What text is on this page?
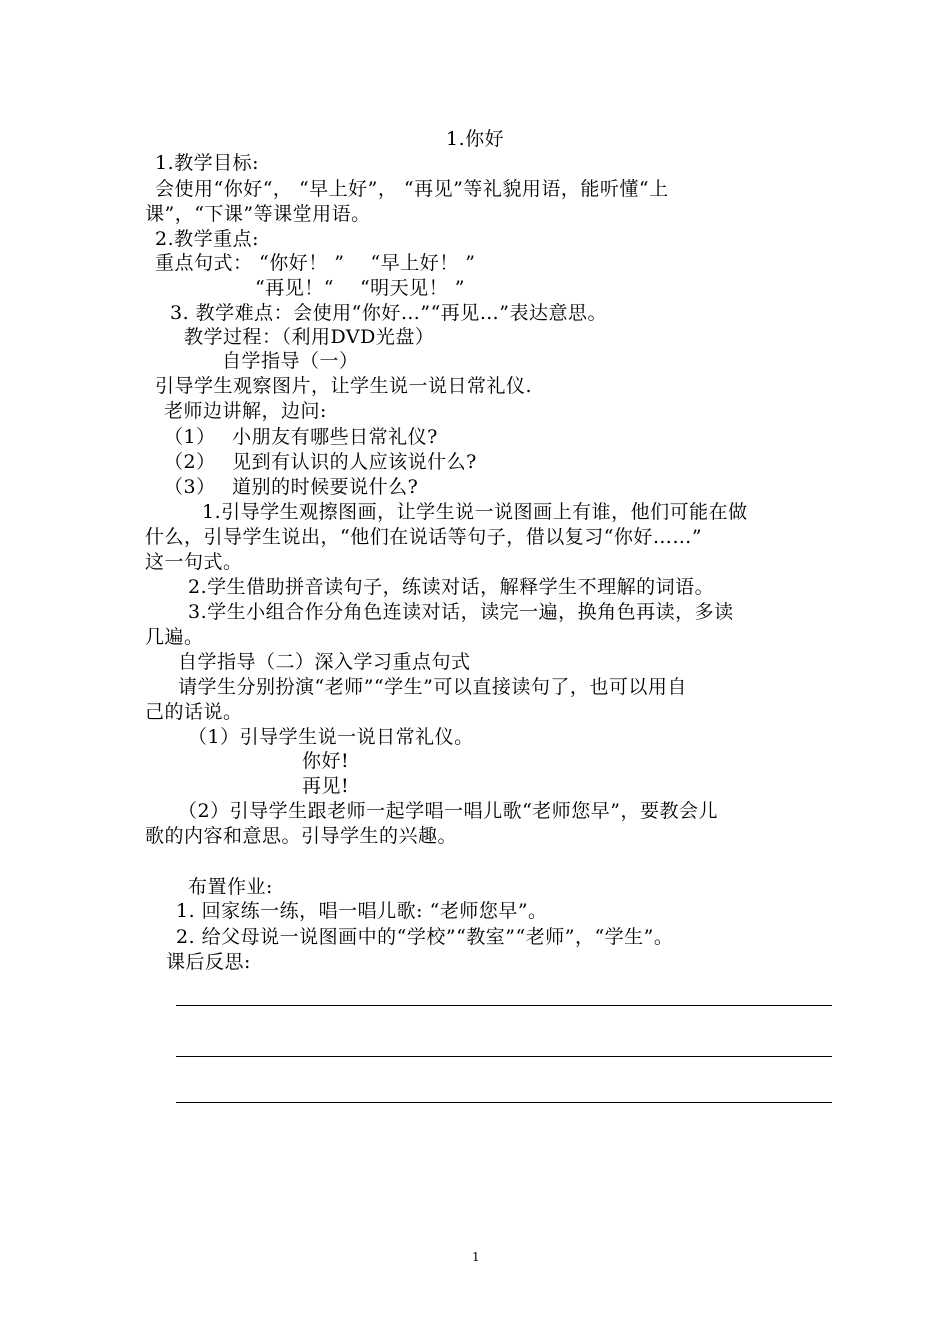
1.你好
1.教学目标:
会使用“你好“， “早上好”， “再见”等礼貌用语，能听懂“上
课”，“下课”等课堂用语。
2.教学重点:
重点句式： “你好！ ”　 “早上好！ ”
“再见！“　 “明天见！ ”
3. 教学难点：会使用“你好…”“再见…”表达意思。
教学过程：（利用DVD光盘）
自学指导（一）
引导学生观察图片，让学生说一说日常礼仪.
老师边讲解，边问:
（1）　 小朋友有哪些日常礼仪?
（2）　 见到有认识的人应该说什么?
（3）　 道别的时候要说什么?
1.引导学生观擦图画，让学生说一说图画上有谁，他们可能在做
什么，引导学生说出，“他们在说话等句子，借以复习“你好……”
这一句式。
2.学生借助拼音读句子，练读对话，解释学生不理解的词语。
3.学生小组合作分角色连读对话，读完一遍，换角色再读，多读
几遍。
自学指导（二）深入学习重点句式
请学生分别扮演“老师”“学生”可以直接读句了，也可以用自
己的话说。
（1）引导学生说一说日常礼仪。
你好!
再见!
（2）引导学生跟老师一起学唱一唱儿歌“老师您早”，要教会儿
歌的内容和意思。引导学生的兴趣。
布置作业:
1. 回家练一练，唱一唱儿歌: “老师您早”。
2. 给父母说一说图画中的“学校”“教室”“老师”，“学生”。
课后反思:
1
